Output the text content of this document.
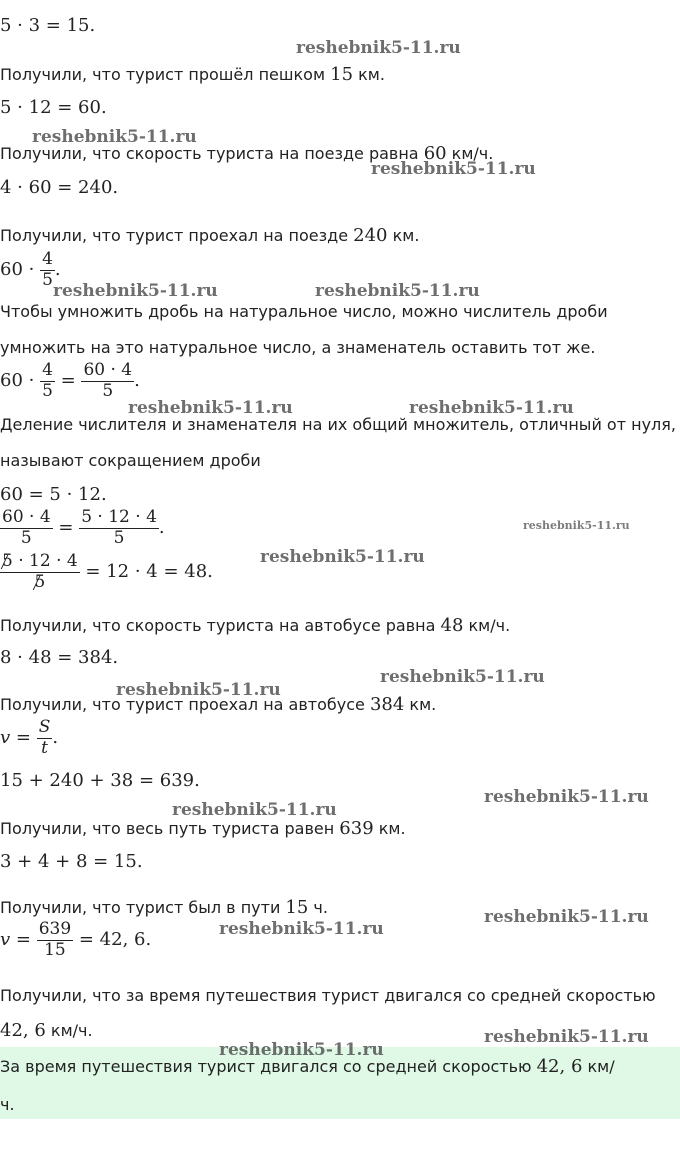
5 · 3 = 15.
Получили, что турист прошёл пешком 15 км.
5 · 12 = 60.
Получили, что скорость туриста на поезде равна 60 км/ч.
4 · 60 = 240.
Получили, что турист проехал на поезде 240 км.
$60 \cdot \frac{4}{5}$ .
Чтобы умножить дробь на натуральное число, можно числитель дроби
умножить на это натуральное число, а знаменатель оставить тот же.
$60 \cdot \frac{4}{5} = \frac{60 \cdot 4}{5}$ .
Деление числителя и знаменателя на их общий множитель, отличный от нуля,
называют сокращением дроби
60 = 5 · 12.
$\frac{60 \cdot 4}{5} = \frac{5 \cdot 12 \cdot 4}{5}$ .
$\frac{5 \cdot 12 \cdot 4}{5} = 12 \cdot 4 = 48$.
Получили, что скорость туриста на автобусе равна 48 км/ч.
8 · 48 = 384.
Получили, что турист проехал на автобусе 384 км.
$v = \frac{S}{t}$ .
15 + 240 + 38 = 639.
Получили, что весь путь туриста равен 639 км.
3 + 4 + 8 = 15.
Получили, что турист был в пути 15 ч.
$v = \frac{639}{15} = 42$, 6.
Получили, что за время путешествия турист двигался со средней скоростью
42, 6 км/ч.
За время путешествия турист двигался со средней скоростью 42, 6 км/
ч.
reshebnik5-11.ru
reshebnik5-11.ru
reshebnik5-11.ru
reshebnik5-11.ru	reshebnik5-11.ru
reshebnik5-11.ru	reshebnik5-11.ru
reshebnik5-11.ru
reshebnik5-11.ru
reshebnik5-11.ru
reshebnik5-11.ru
reshebnik5-11.ru
reshebnik5-11.ru
reshebnik5-11.ru
reshebnik5-11.ru
reshebnik5-11.ru
reshebnik5-11.ru
